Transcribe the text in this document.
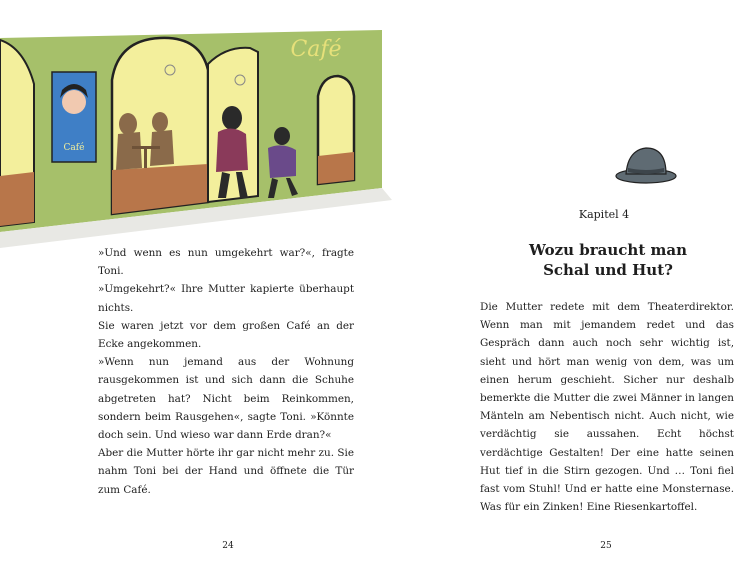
Café
Café

»Und wenn es nun umgekehrt war?«, fragte Toni.

»Umgekehrt?« Ihre Mutter kapierte überhaupt nichts.

Sie waren jetzt vor dem großen Café an der Ecke angekommen.

»Wenn nun jemand aus der Wohnung rausgekommen ist und sich dann die Schuhe abgetreten hat? Nicht beim Reinkommen, sondern beim Rausgehen«, sagte Toni. »Könnte doch sein. Und wieso war dann Erde dran?«

Aber die Mutter hörte ihr gar nicht mehr zu. Sie nahm Toni bei der Hand und öffnete die Tür zum Café.

24
Kapitel 4
Wozu braucht man
Schal und Hut?

Die Mutter redete mit dem Theaterdirektor. Wenn man mit jemandem redet und das Gespräch dann auch noch sehr wichtig ist, sieht und hört man wenig von dem, was um einen herum geschieht. Sicher nur deshalb bemerkte die Mutter die zwei Männer in langen Mänteln am Nebentisch nicht. Auch nicht, wie verdächtig sie aussahen. Echt höchst verdächtige Gestalten! Der eine hatte seinen Hut tief in die Stirn gezogen. Und … Toni fiel fast vom Stuhl! Und er hatte eine Monsternase. Was für ein Zinken! Eine Riesenkartoffel.

25
